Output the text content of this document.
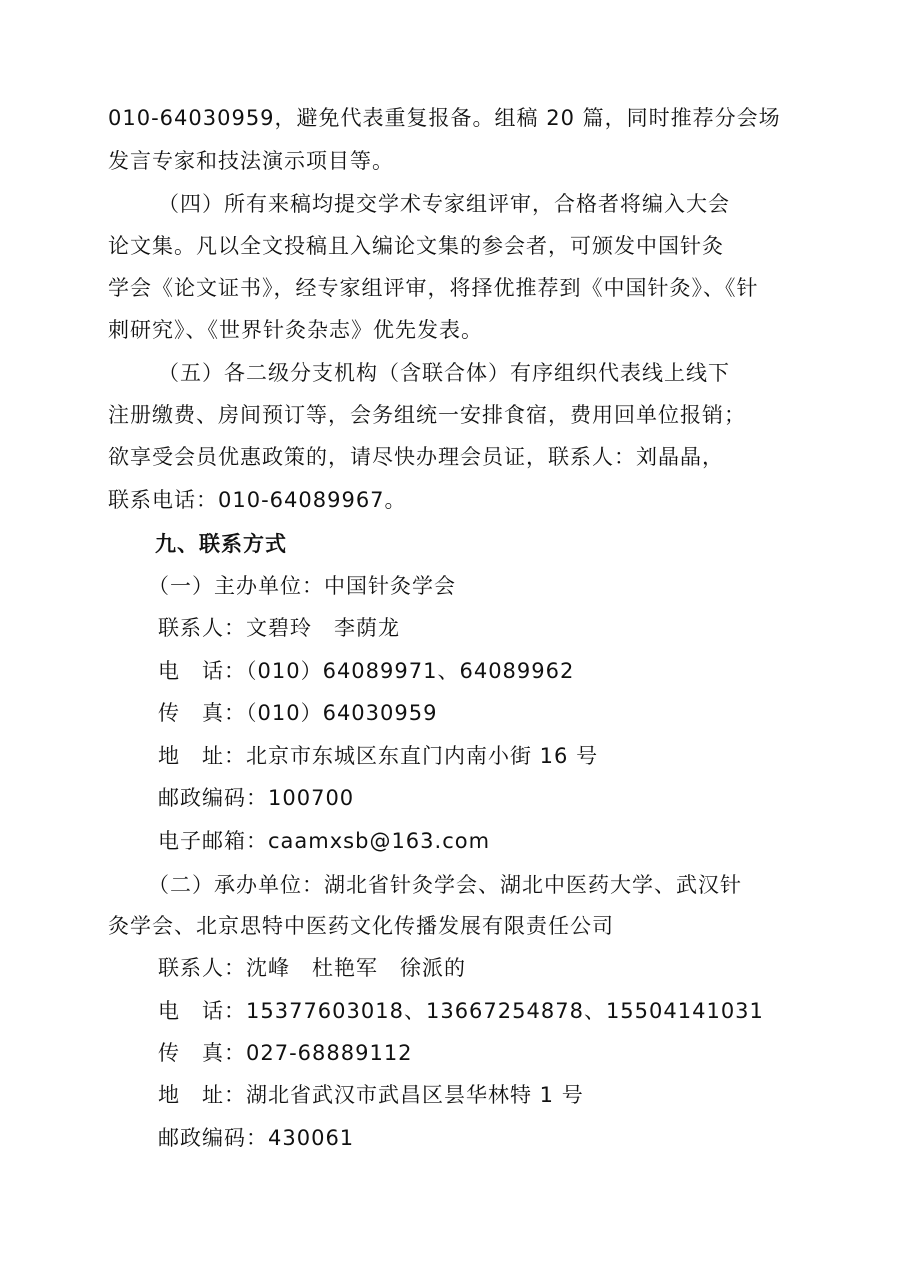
010-64030959，避免代表重复报备。组稿 20 篇，同时推荐分会场
发言专家和技法演示项目等。
（四）所有来稿均提交学术专家组评审，合格者将编入大会
论文集。凡以全文投稿且入编论文集的参会者，可颁发中国针灸
学会《论文证书》，经专家组评审，将择优推荐到《中国针灸》、《针
刺研究》、《世界针灸杂志》优先发表。
（五）各二级分支机构（含联合体）有序组织代表线上线下
注册缴费、房间预订等，会务组统一安排食宿，费用回单位报销；
欲享受会员优惠政策的，请尽快办理会员证，联系人：刘晶晶，
联系电话：010-64089967。
九、联系方式
（一）主办单位：中国针灸学会
联系人：文碧玲　李荫龙
电　话：（010）64089971、64089962
传　真：（010）64030959
地　址：北京市东城区东直门内南小街 16 号
邮政编码：100700
电子邮箱：caamxsb@163.com
（二）承办单位：湖北省针灸学会、湖北中医药大学、武汉针
灸学会、北京思特中医药文化传播发展有限责任公司
联系人：沈峰　杜艳军　徐派的
电　话：15377603018、13667254878、15504141031
传　真：027-68889112
地　址：湖北省武汉市武昌区昙华林特 1 号
邮政编码：430061
